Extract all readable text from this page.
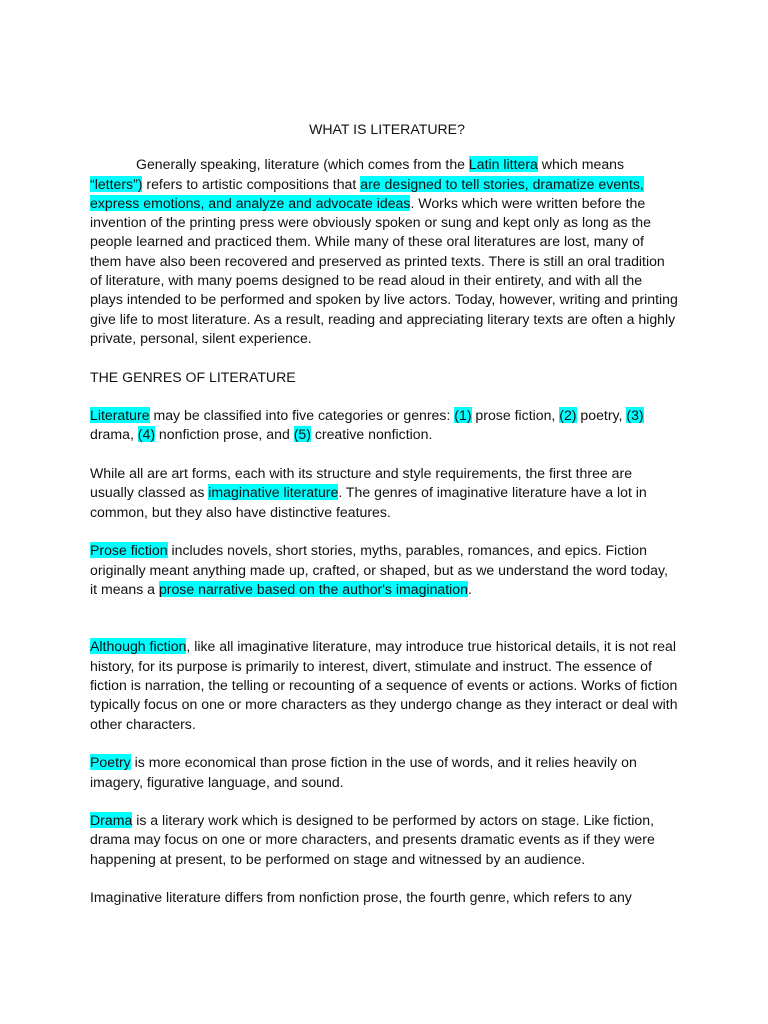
WHAT IS LITERATURE?

Generally speaking, literature (which comes from the Latin littera which means “letters”) refers to artistic compositions that are designed to tell stories, dramatize events, express emotions, and analyze and advocate ideas. Works which were written before the invention of the printing press were obviously spoken or sung and kept only as long as the people learned and practiced them. While many of these oral literatures are lost, many of them have also been recovered and preserved as printed texts. There is still an oral tradition of literature, with many poems designed to be read aloud in their entirety, and with all the plays intended to be performed and spoken by live actors. Today, however, writing and printing give life to most literature. As a result, reading and appreciating literary texts are often a highly private, personal, silent experience.

THE GENRES OF LITERATURE

Literature may be classified into five categories or genres: (1) prose fiction, (2) poetry, (3) drama, (4) nonfiction prose, and (5) creative nonfiction.

While all are art forms, each with its structure and style requirements, the first three are usually classed as imaginative literature. The genres of imaginative literature have a lot in common, but they also have distinctive features.

Prose fiction includes novels, short stories, myths, parables, romances, and epics. Fiction originally meant anything made up, crafted, or shaped, but as we understand the word today, it means a prose narrative based on the author's imagination.

Although fiction, like all imaginative literature, may introduce true historical details, it is not real history, for its purpose is primarily to interest, divert, stimulate and instruct. The essence of fiction is narration, the telling or recounting of a sequence of events or actions. Works of fiction typically focus on one or more characters as they undergo change as they interact or deal with other characters.

Poetry is more economical than prose fiction in the use of words, and it relies heavily on imagery, figurative language, and sound.

Drama is a literary work which is designed to be performed by actors on stage. Like fiction, drama may focus on one or more characters, and presents dramatic events as if they were happening at present, to be performed on stage and witnessed by an audience.

Imaginative literature differs from nonfiction prose, the fourth genre, which refers to any
